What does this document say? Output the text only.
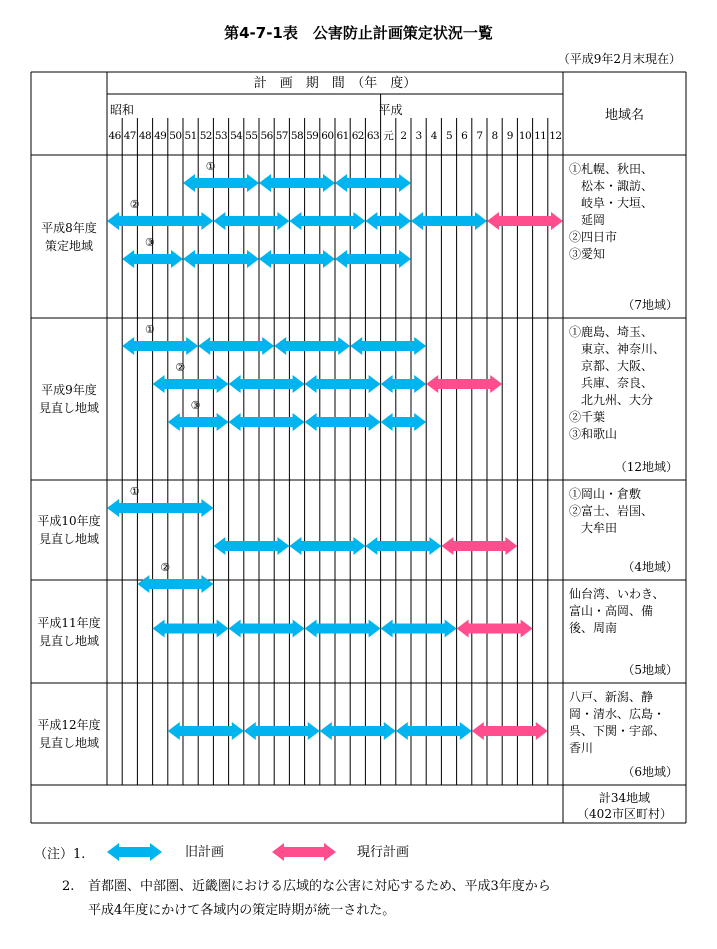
第4-7-1表　公害防止計画策定状況一覧
（平成9年2月末現在）
計　画　期　間　（年　度）
昭和	平成	地域名
46 47 48 49 50 51 52 53 54 55 56 57 58 59 60 61 62 63 元 2 3 4 5 6 7 8 9 10 11 12
平成8年度
策定地域
①札幌、秋田、
　松本・諏訪、
　岐阜・大垣、
　延岡
②四日市
③愛知
（7地域）
①
②
③
平成9年度
見直し地域
①鹿島、埼玉、
　東京、神奈川、
　京都、大阪、
　兵庫、奈良、
　北九州、大分
②千葉
③和歌山
（12地域）
①
②
③
平成10年度
見直し地域
①岡山・倉敷
②富士、岩国、
　大牟田
（4地域）
①
②
平成11年度
見直し地域
仙台湾、いわき、
富山・高岡、備
後、周南
（5地域）
平成12年度
見直し地域
八戸、新潟、静
岡・清水、広島・
呉、下関・宇部、
香川
（6地域）
計34地域
（402市区町村）
（注）1.	旧計画	現行計画
2. 首都圏、中部圏、近畿圏における広域的な公害に対応するため、平成3年度から
平成4年度にかけて各域内の策定時期が統一された。
